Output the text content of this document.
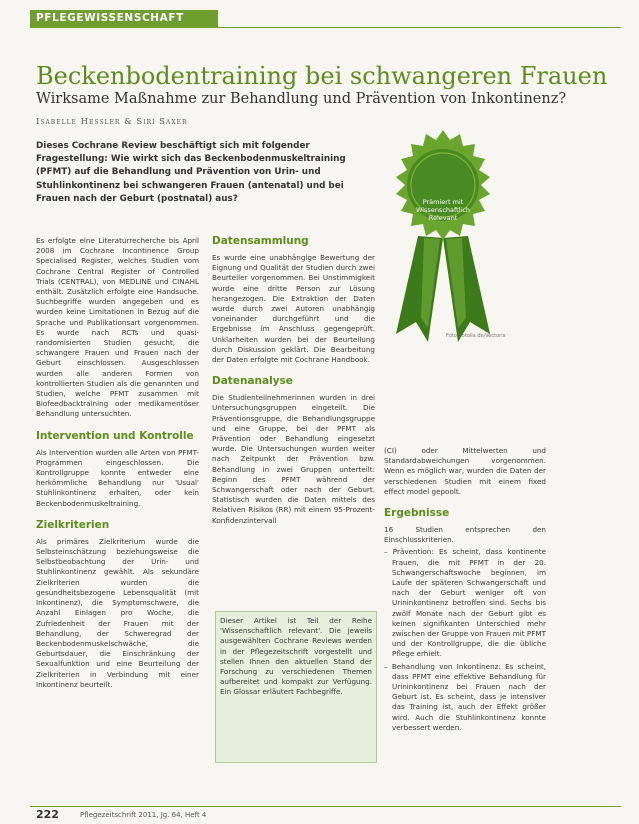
PFLEGEWISSENSCHAFT
Beckenbodentraining bei schwangeren Frauen
Wirksame Maßnahme zur Behandlung und Prävention von Inkontinenz?
Isabelle Hessler & Siri Saxer

Dieses Cochrane Review beschäftigt sich mit folgender Fragestellung: Wie wirkt sich das Beckenbodenmuskeltraining (PFMT) auf die Behandlung und Prävention von Urin- und Stuhlinkontinenz bei schwangeren Frauen (antenatal) und bei Frauen nach der Geburt (postnatal) aus?	Prämiert mit Wissenschaftlich Relevant
Foto: fotolia.de/Vectorix

Es erfolgte eine Literaturrecherche bis April 2008 im Cochrane Incontinence Group Specialised Register, welches Studien vom Cochrane Central Register of Controlled Trials (CENTRAL), von MEDLINE und CINAHL enthält. Zusätzlich erfolgte eine Handsuche. Suchbegriffe wurden angegeben und es wurden keine Limitationen in Bezug auf die Sprache und Publikationsart vorgenommen. Es wurde nach RCTs und quasi-randomisierten Studien gesucht, die schwangere Frauen und Frauen nach der Geburt einschlossen. Ausgeschlossen wurden alle anderen Formen von kontrollierten Studien als die genannten und Studien, welche PFMT zusammen mit Biofeedbacktraining oder medikamentöser Behandlung untersuchten.

Intervention und Kontrolle

Als Intervention wurden alle Arten von PFMT-Programmen eingeschlossen. Die Kontrollgruppe konnte entweder eine herkömmliche Behandlung nur 'Usual' Stuhlinkontinenz erhalten, oder kein Beckenbodenmuskeltraining.

Zielkriterien

Als primäres Zielkriterium wurde die Selbsteinschätzung beziehungsweise die Selbstbeobachtung der Urin- und Stuhlinkontinenz gewählt. Als sekundäre Zielkriterien wurden die gesundheitsbezogene Lebensqualität (mit Inkontinenz), die Symptomschwere, die Anzahl Einlagen pro Woche, die Zufriedenheit der Frauen mit der Behandlung, der Schweregrad der Beckenbodenmuskelschwäche, die Geburtsdauer, die Einschränkung der Sexualfunktion und eine Beurteilung der Zielkriterien in Verbindung mit einer Inkontinenz beurteilt.

Datensammlung

Es wurde eine unabhängige Bewertung der Eignung und Qualität der Studien durch zwei Beurteiler vorgenommen. Bei Unstimmigkeit wurde eine dritte Person zur Lösung herangezogen. Die Extraktion der Daten wurde durch zwei Autoren unabhängig voneinander durchgeführt und die Ergebnisse im Anschluss gegengeprüft. Unklarheiten wurden bei der Beurteilung durch Diskussion geklärt. Die Bearbeitung der Daten erfolgte mit Cochrane Handbook.

Datenanalyse

Die Studienteilnehmerinnen wurden in drei Untersuchungsgruppen eingeteilt. Die Präventionsgruppe, die Behandlungsgruppe und eine Gruppe, bei der PFMT als Prävention oder Behandlung eingesetzt wurde. Die Untersuchungen wurden weiter nach Zeitpunkt der Prävention bzw. Behandlung in zwei Gruppen unterteilt: Beginn des PFMT während der Schwangerschaft oder nach der Geburt. Statistisch wurden die Daten mittels des Relativen Risikos (RR) mit einem 95-Prozent-Konfidenzintervall

Dieser Artikel ist Teil der Reihe 'Wissenschaftlich relevant'. Die jeweils ausgewählten Cochrane Reviews werden in der Pflegezeitschrift vorgestellt und stellen Ihnen den aktuellen Stand der Forschung zu verschiedenen Themen aufbereitet und kompakt zur Verfügung. Ein Glossar erläutert Fachbegriffe.

(CI) oder Mittelwerten und Standardabweichungen vorgenommen. Wenn es möglich war, wurden die Daten der verschiedenen Studien mit einem fixed effect model gepoolt.

Ergebnisse

16 Studien entsprechen den Einschlusskriterien.

– Prävention: Es scheint, dass kontinente Frauen, die mit PFMT in der 20. Schwangerschaftswoche beginnen, im Laufe der späteren Schwangerschaft und nach der Geburt weniger oft von Urininkontinenz betroffen sind. Sechs bis zwölf Monate nach der Geburt gibt es keinen signifikanten Unterschied mehr zwischen der Gruppe von Frauen mit PFMT und der Kontrollgruppe, die die übliche Pflege erhielt.

– Behandlung von Inkontinenz: Es scheint, dass PFMT eine effektive Behandlung für Urininkontinenz bei Frauen nach der Geburt ist. Es scheint, dass je intensiver das Training ist, auch der Effekt größer wird. Auch die Stuhlinkontinenz konnte verbessert werden.

222	Pflegezeitschrift 2011, Jg. 64, Heft 4
